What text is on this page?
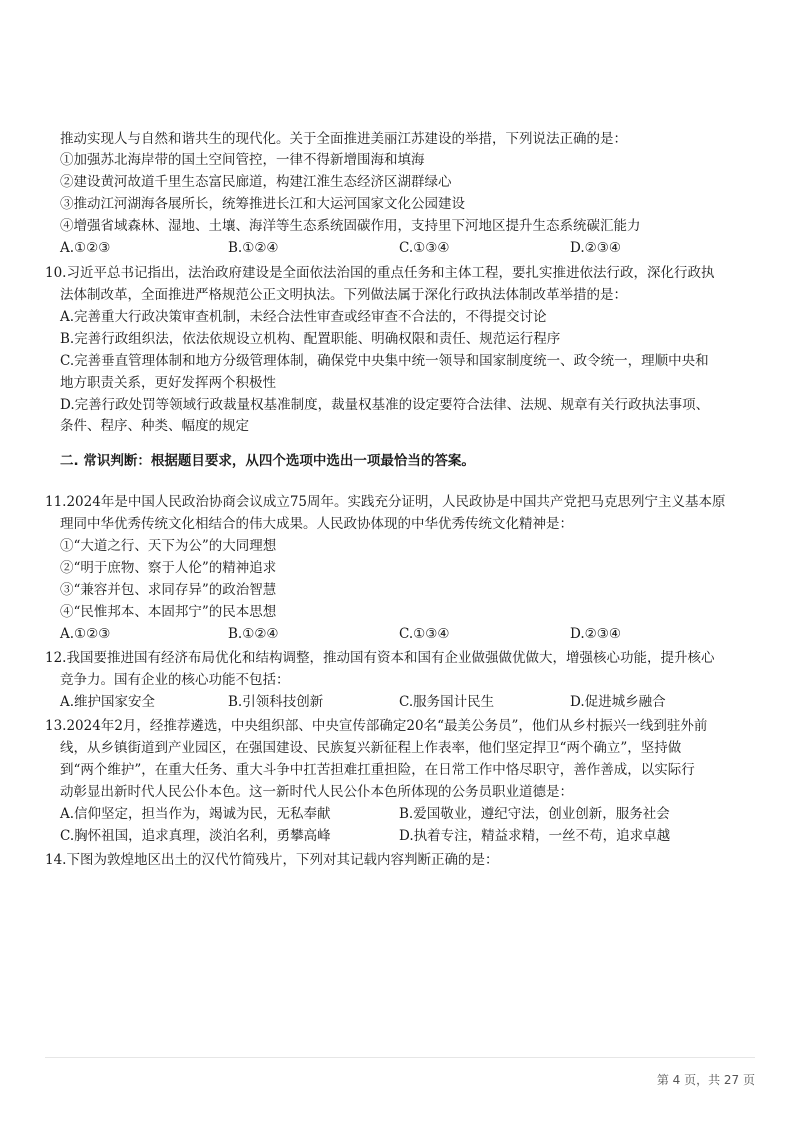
推动实现人与自然和谐共生的现代化。关于全面推进美丽江苏建设的举措，下列说法正确的是：
①加强苏北海岸带的国土空间管控，一律不得新增围海和填海
②建设黄河故道千里生态富民廊道，构建江淮生态经济区湖群绿心
③推动江河湖海各展所长，统筹推进长江和大运河国家文化公园建设
④增强省域森林、湿地、土壤、海洋等生态系统固碳作用，支持里下河地区提升生态系统碳汇能力
A.①②③	B.①②④	C.①③④	D.②③④
10.习近平总书记指出，法治政府建设是全面依法治国的重点任务和主体工程，要扎实推进依法行政，深化行政执
法体制改革，全面推进严格规范公正文明执法。下列做法属于深化行政执法体制改革举措的是：
A.完善重大行政决策审查机制，未经合法性审查或经审查不合法的，不得提交讨论
B.完善行政组织法，依法依规设立机构、配置职能、明确权限和责任、规范运行程序
C.完善垂直管理体制和地方分级管理体制，确保党中央集中统一领导和国家制度统一、政令统一，理顺中央和
地方职责关系，更好发挥两个积极性
D.完善行政处罚等领域行政裁量权基准制度，裁量权基准的设定要符合法律、法规、规章有关行政执法事项、
条件、程序、种类、幅度的规定
二. 常识判断：根据题目要求，从四个选项中选出一项最恰当的答案。
11.2024年是中国人民政治协商会议成立75周年。实践充分证明，人民政协是中国共产党把马克思列宁主义基本原
理同中华优秀传统文化相结合的伟大成果。人民政协体现的中华优秀传统文化精神是：
①“大道之行、天下为公”的大同理想
②“明于庶物、察于人伦”的精神追求
③“兼容并包、求同存异”的政治智慧
④“民惟邦本、本固邦宁”的民本思想
A.①②③	B.①②④	C.①③④	D.②③④
12.我国要推进国有经济布局优化和结构调整，推动国有资本和国有企业做强做优做大，增强核心功能，提升核心
竞争力。国有企业的核心功能不包括：
A.维护国家安全	B.引领科技创新	C.服务国计民生	D.促进城乡融合
13.2024年2月，经推荐遴选，中央组织部、中央宣传部确定20名“最美公务员”，他们从乡村振兴一线到驻外前
线，从乡镇街道到产业园区，在强国建设、民族复兴新征程上作表率，他们坚定捍卫“两个确立”，坚持做
到“两个维护”，在重大任务、重大斗争中扛苦担难扛重担险，在日常工作中恪尽职守，善作善成，以实际行
动彰显出新时代人民公仆本色。这一新时代人民公仆本色所体现的公务员职业道德是：
A.信仰坚定，担当作为，竭诚为民，无私奉献	B.爱国敬业，遵纪守法，创业创新，服务社会
C.胸怀祖国，追求真理，淡泊名利，勇攀高峰	D.执着专注，精益求精，一丝不苟，追求卓越
14.下图为敦煌地区出土的汉代竹简残片，下列对其记载内容判断正确的是：
第 4 页，共 27 页
